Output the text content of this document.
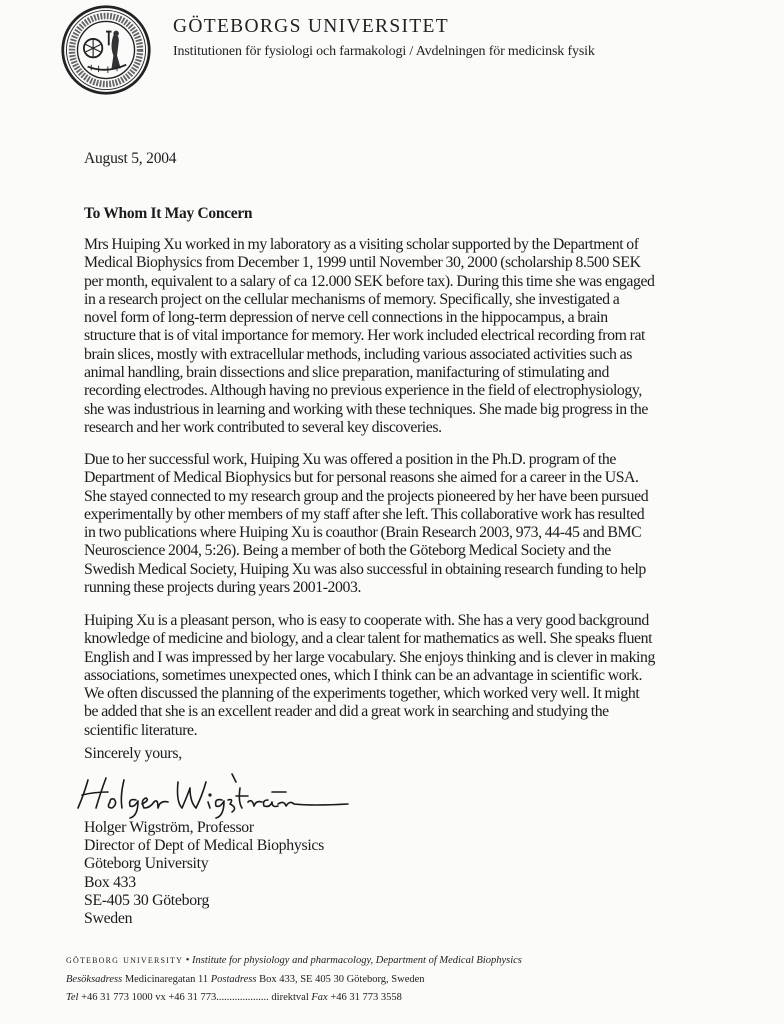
GÖTEBORGS UNIVERSITET
Institutionen för fysiologi och farmakologi / Avdelningen för medicinsk fysik
August 5, 2004
To Whom It May Concern
Mrs Huiping Xu worked in my laboratory as a visiting scholar supported by the Department of
Medical Biophysics from December 1, 1999 until November 30, 2000 (scholarship 8.500 SEK
per month, equivalent to a salary of ca 12.000 SEK before tax). During this time she was engaged
in a research project on the cellular mechanisms of memory. Specifically, she investigated a
novel form of long-term depression of nerve cell connections in the hippocampus, a brain
structure that is of vital importance for memory. Her work included electrical recording from rat
brain slices, mostly with extracellular methods, including various associated activities such as
animal handling, brain dissections and slice preparation, manifacturing of stimulating and
recording electrodes. Although having no previous experience in the field of electrophysiology,
she was industrious in learning and working with these techniques. She made big progress in the
research and her work contributed to several key discoveries.
Due to her successful work, Huiping Xu was offered a position in the Ph.D. program of the
Department of Medical Biophysics but for personal reasons she aimed for a career in the USA.
She stayed connected to my research group and the projects pioneered by her have been pursued
experimentally by other members of my staff after she left. This collaborative work has resulted
in two publications where Huiping Xu is coauthor (Brain Research 2003, 973, 44-45 and BMC
Neuroscience 2004, 5:26). Being a member of both the Göteborg Medical Society and the
Swedish Medical Society, Huiping Xu was also successful in obtaining research funding to help
running these projects during years 2001-2003.
Huiping Xu is a pleasant person, who is easy to cooperate with. She has a very good background
knowledge of medicine and biology, and a clear talent for mathematics as well. She speaks fluent
English and I was impressed by her large vocabulary. She enjoys thinking and is clever in making
associations, sometimes unexpected ones, which I think can be an advantage in scientific work.
We often discussed the planning of the experiments together, which worked very well. It might
be added that she is an excellent reader and did a great work in searching and studying the
scientific literature.
Sincerely yours,
Holger Wigström, Professor
Director of Dept of Medical Biophysics
Göteborg University
Box 433
SE-405 30 Göteborg
Sweden
göteborg university • Institute for physiology and pharmacology, Department of Medical Biophysics
Besöksadress Medicinaregatan 11 Postadress Box 433, SE 405 30 Göteborg, Sweden
Tel +46 31 773 1000 vx +46 31 773.................... direktval Fax +46 31 773 3558
